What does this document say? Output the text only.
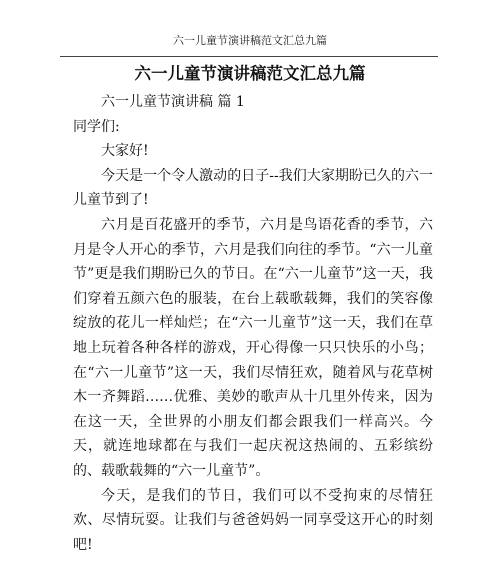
六一儿童节演讲稿范文汇总九篇
六一儿童节演讲稿范文汇总九篇

六一儿童节演讲稿 篇 1

同学们:

大家好!

今天是一个令人激动的日子--我们大家期盼已久的六一儿童节到了!

六月是百花盛开的季节，六月是鸟语花香的季节，六月是令人开心的季节，六月是我们向往的季节。“六一儿童节”更是我们期盼已久的节日。在“六一儿童节”这一天，我们穿着五颜六色的服装，在台上载歌载舞，我们的笑容像绽放的花儿一样灿烂；在“六一儿童节”这一天，我们在草地上玩着各种各样的游戏，开心得像一只只快乐的小鸟；在“六一儿童节”这一天，我们尽情狂欢，随着风与花草树木一齐舞蹈……优雅、美妙的歌声从十几里外传来，因为在这一天，全世界的小朋友们都会跟我们一样高兴。今天，就连地球都在与我们一起庆祝这热闹的、五彩缤纷的、载歌载舞的“六一儿童节”。

今天，是我们的节日，我们可以不受拘束的尽情狂欢、尽情玩耍。让我们与爸爸妈妈一同享受这开心的时刻吧!
